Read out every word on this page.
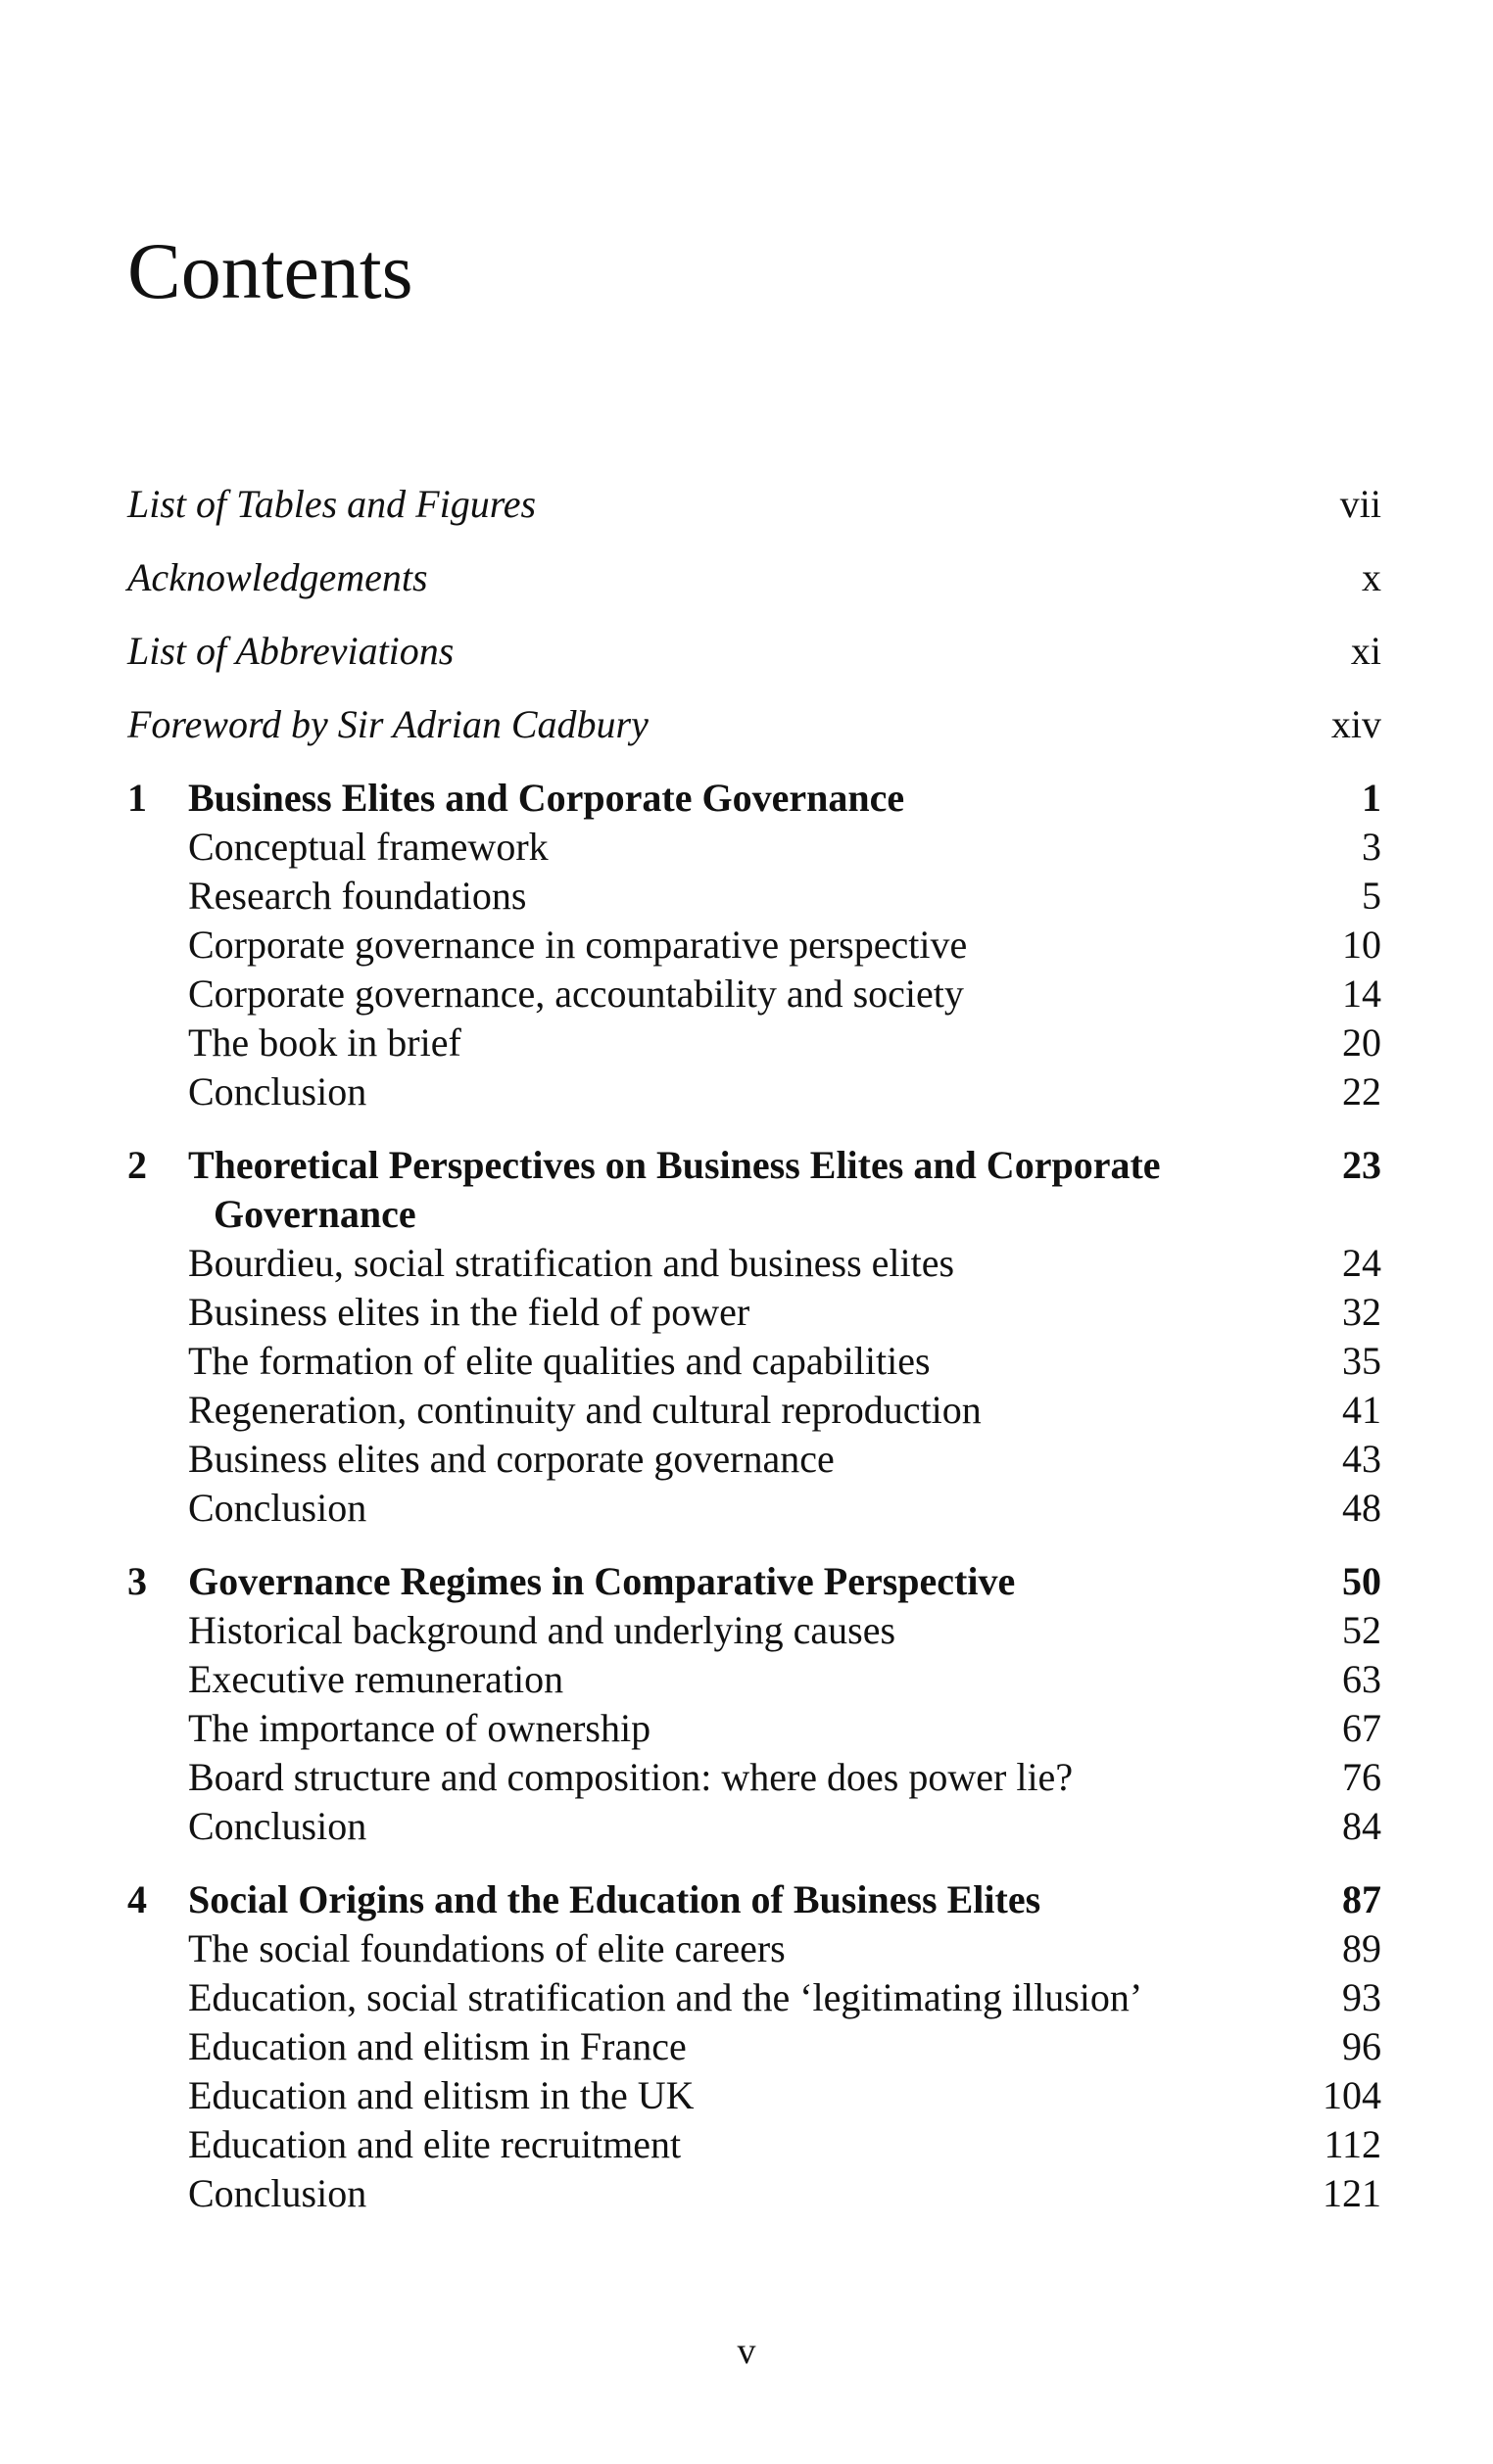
Contents
List of Tables and Figures	vii
Acknowledgements	x
List of Abbreviations	xi
Foreword by Sir Adrian Cadbury	xiv
1 Business Elites and Corporate Governance	1
Conceptual framework	3
Research foundations	5
Corporate governance in comparative perspective	10
Corporate governance, accountability and society	14
The book in brief	20
Conclusion	22
2 Theoretical Perspectives on Business Elites and Corporate	23
Governance
Bourdieu, social stratification and business elites	24
Business elites in the field of power	32
The formation of elite qualities and capabilities	35
Regeneration, continuity and cultural reproduction	41
Business elites and corporate governance	43
Conclusion	48
3 Governance Regimes in Comparative Perspective	50
Historical background and underlying causes	52
Executive remuneration	63
The importance of ownership	67
Board structure and composition: where does power lie?	76
Conclusion	84
4 Social Origins and the Education of Business Elites	87
The social foundations of elite careers	89
Education, social stratification and the ‘legitimating illusion’	93
Education and elitism in France	96
Education and elitism in the UK	104
Education and elite recruitment	112
Conclusion	121
v
